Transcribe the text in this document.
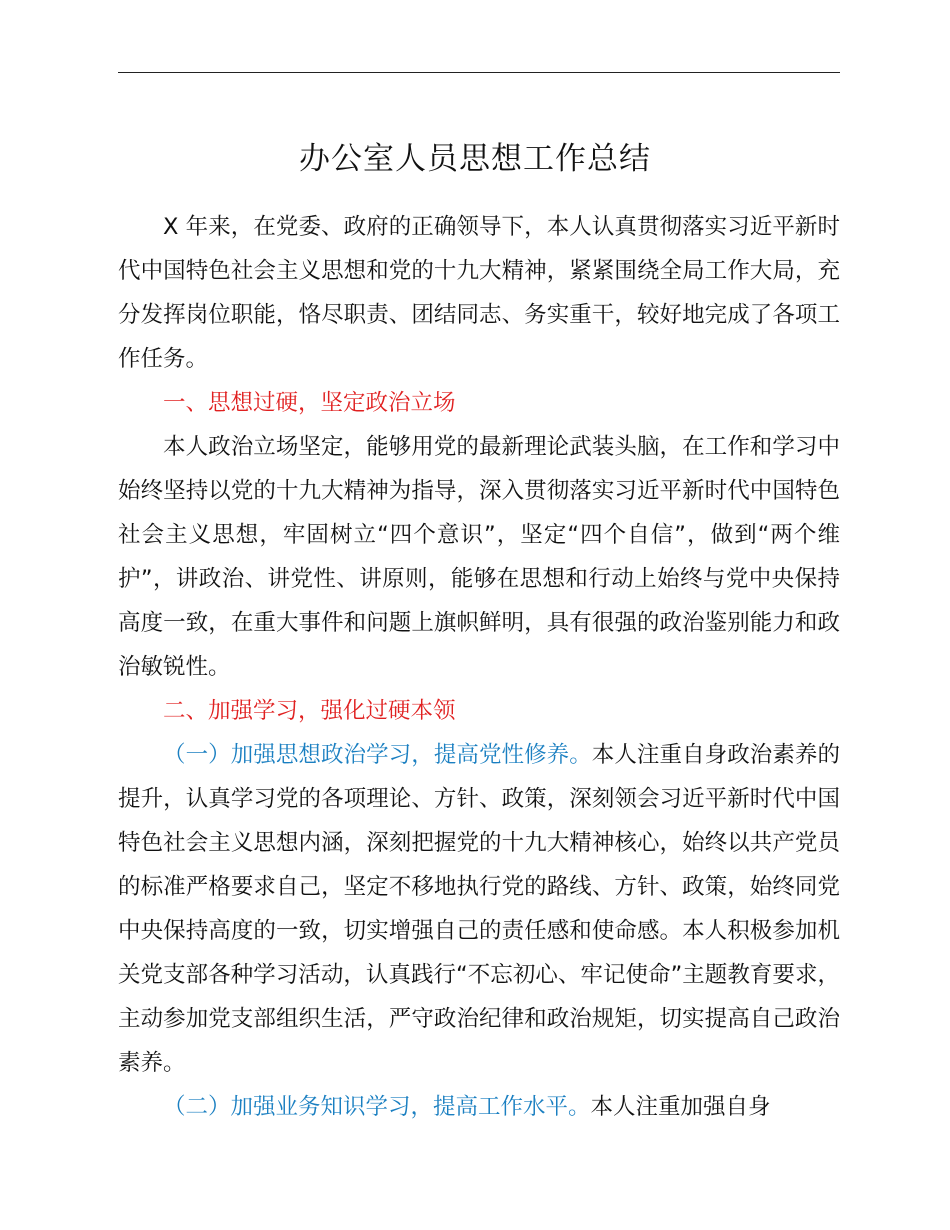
办公室人员思想工作总结

X 年来，在党委、政府的正确领导下，本人认真贯彻落实习近平新时代中国特色社会主义思想和党的十九大精神，紧紧围绕全局工作大局，充分发挥岗位职能，恪尽职责、团结同志、务实重干，较好地完成了各项工作任务。

一、思想过硬，坚定政治立场

本人政治立场坚定，能够用党的最新理论武装头脑，在工作和学习中始终坚持以党的十九大精神为指导，深入贯彻落实习近平新时代中国特色社会主义思想，牢固树立“四个意识”，坚定“四个自信”，做到“两个维护”，讲政治、讲党性、讲原则，能够在思想和行动上始终与党中央保持高度一致，在重大事件和问题上旗帜鲜明，具有很强的政治鉴别能力和政治敏锐性。

二、加强学习，强化过硬本领

（一）加强思想政治学习，提高党性修养。本人注重自身政治素养的提升，认真学习党的各项理论、方针、政策，深刻领会习近平新时代中国特色社会主义思想内涵，深刻把握党的十九大精神核心，始终以共产党员的标准严格要求自己，坚定不移地执行党的路线、方针、政策，始终同党中央保持高度的一致，切实增强自己的责任感和使命感。本人积极参加机关党支部各种学习活动，认真践行“不忘初心、牢记使命”主题教育要求，主动参加党支部组织生活，严守政治纪律和政治规矩，切实提高自己政治素养。

（二）加强业务知识学习，提高工作水平。本人注重加强自身
